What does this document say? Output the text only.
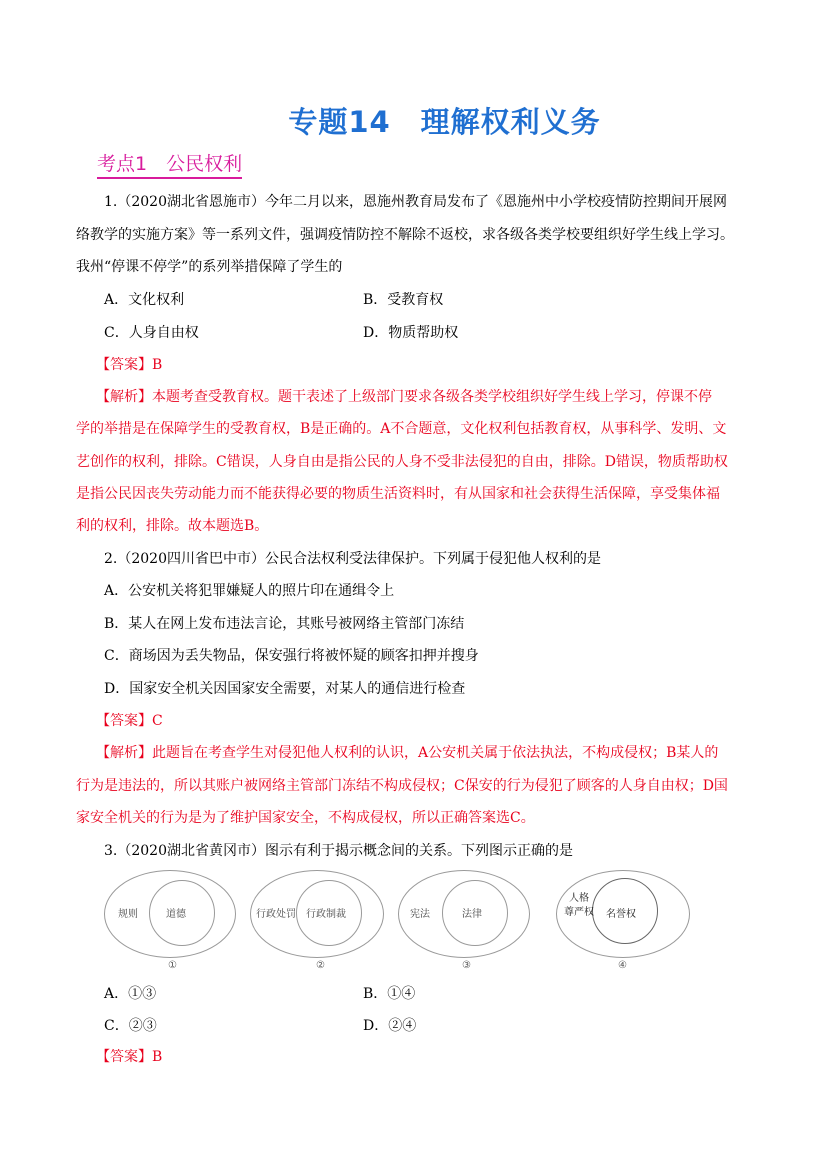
专题14　理解权利义务
考点1　公民权利
1.（2020湖北省恩施市）今年二月以来，恩施州教育局发布了《恩施州中小学校疫情防控期间开展网
络教学的实施方案》等一系列文件，强调疫情防控不解除不返校，求各级各类学校要组织好学生线上学习。
我州“停课不停学”的系列举措保障了学生的
A．文化权利	B．受教育权
C．人身自由权	D．物质帮助权
【答案】B
【解析】本题考查受教育权。题干表述了上级部门要求各级各类学校组织好学生线上学习，停课不停
学的举措是在保障学生的受教育权，B是正确的。A不合题意，文化权利包括教育权，从事科学、发明、文
艺创作的权利，排除。C错误，人身自由是指公民的人身不受非法侵犯的自由，排除。D错误，物质帮助权
是指公民因丧失劳动能力而不能获得必要的物质生活资料时，有从国家和社会获得生活保障，享受集体福
利的权利，排除。故本题选B。
2.（2020四川省巴中市）公民合法权利受法律保护。下列属于侵犯他人权利的是
A．公安机关将犯罪嫌疑人的照片印在通缉令上
B．某人在网上发布违法言论，其账号被网络主管部门冻结
C．商场因为丢失物品，保安强行将被怀疑的顾客扣押并搜身
D．国家安全机关因国家安全需要，对某人的通信进行检查
【答案】C
【解析】此题旨在考查学生对侵犯他人权利的认识，A公安机关属于依法执法，不构成侵权；B某人的
行为是违法的，所以其账户被网络主管部门冻结不构成侵权；C保安的行为侵犯了顾客的人身自由权；D国
家安全机关的行为是为了维护国家安全，不构成侵权，所以正确答案选C。
3.（2020湖北省黄冈市）图示有利于揭示概念间的关系。下列图示正确的是
规则	道德
①
行政处罚 行政制裁
②
宪法	法律
③
人格
尊严权 名誉权
④
A．①③	B．①④
C．②③	D．②④
【答案】B
